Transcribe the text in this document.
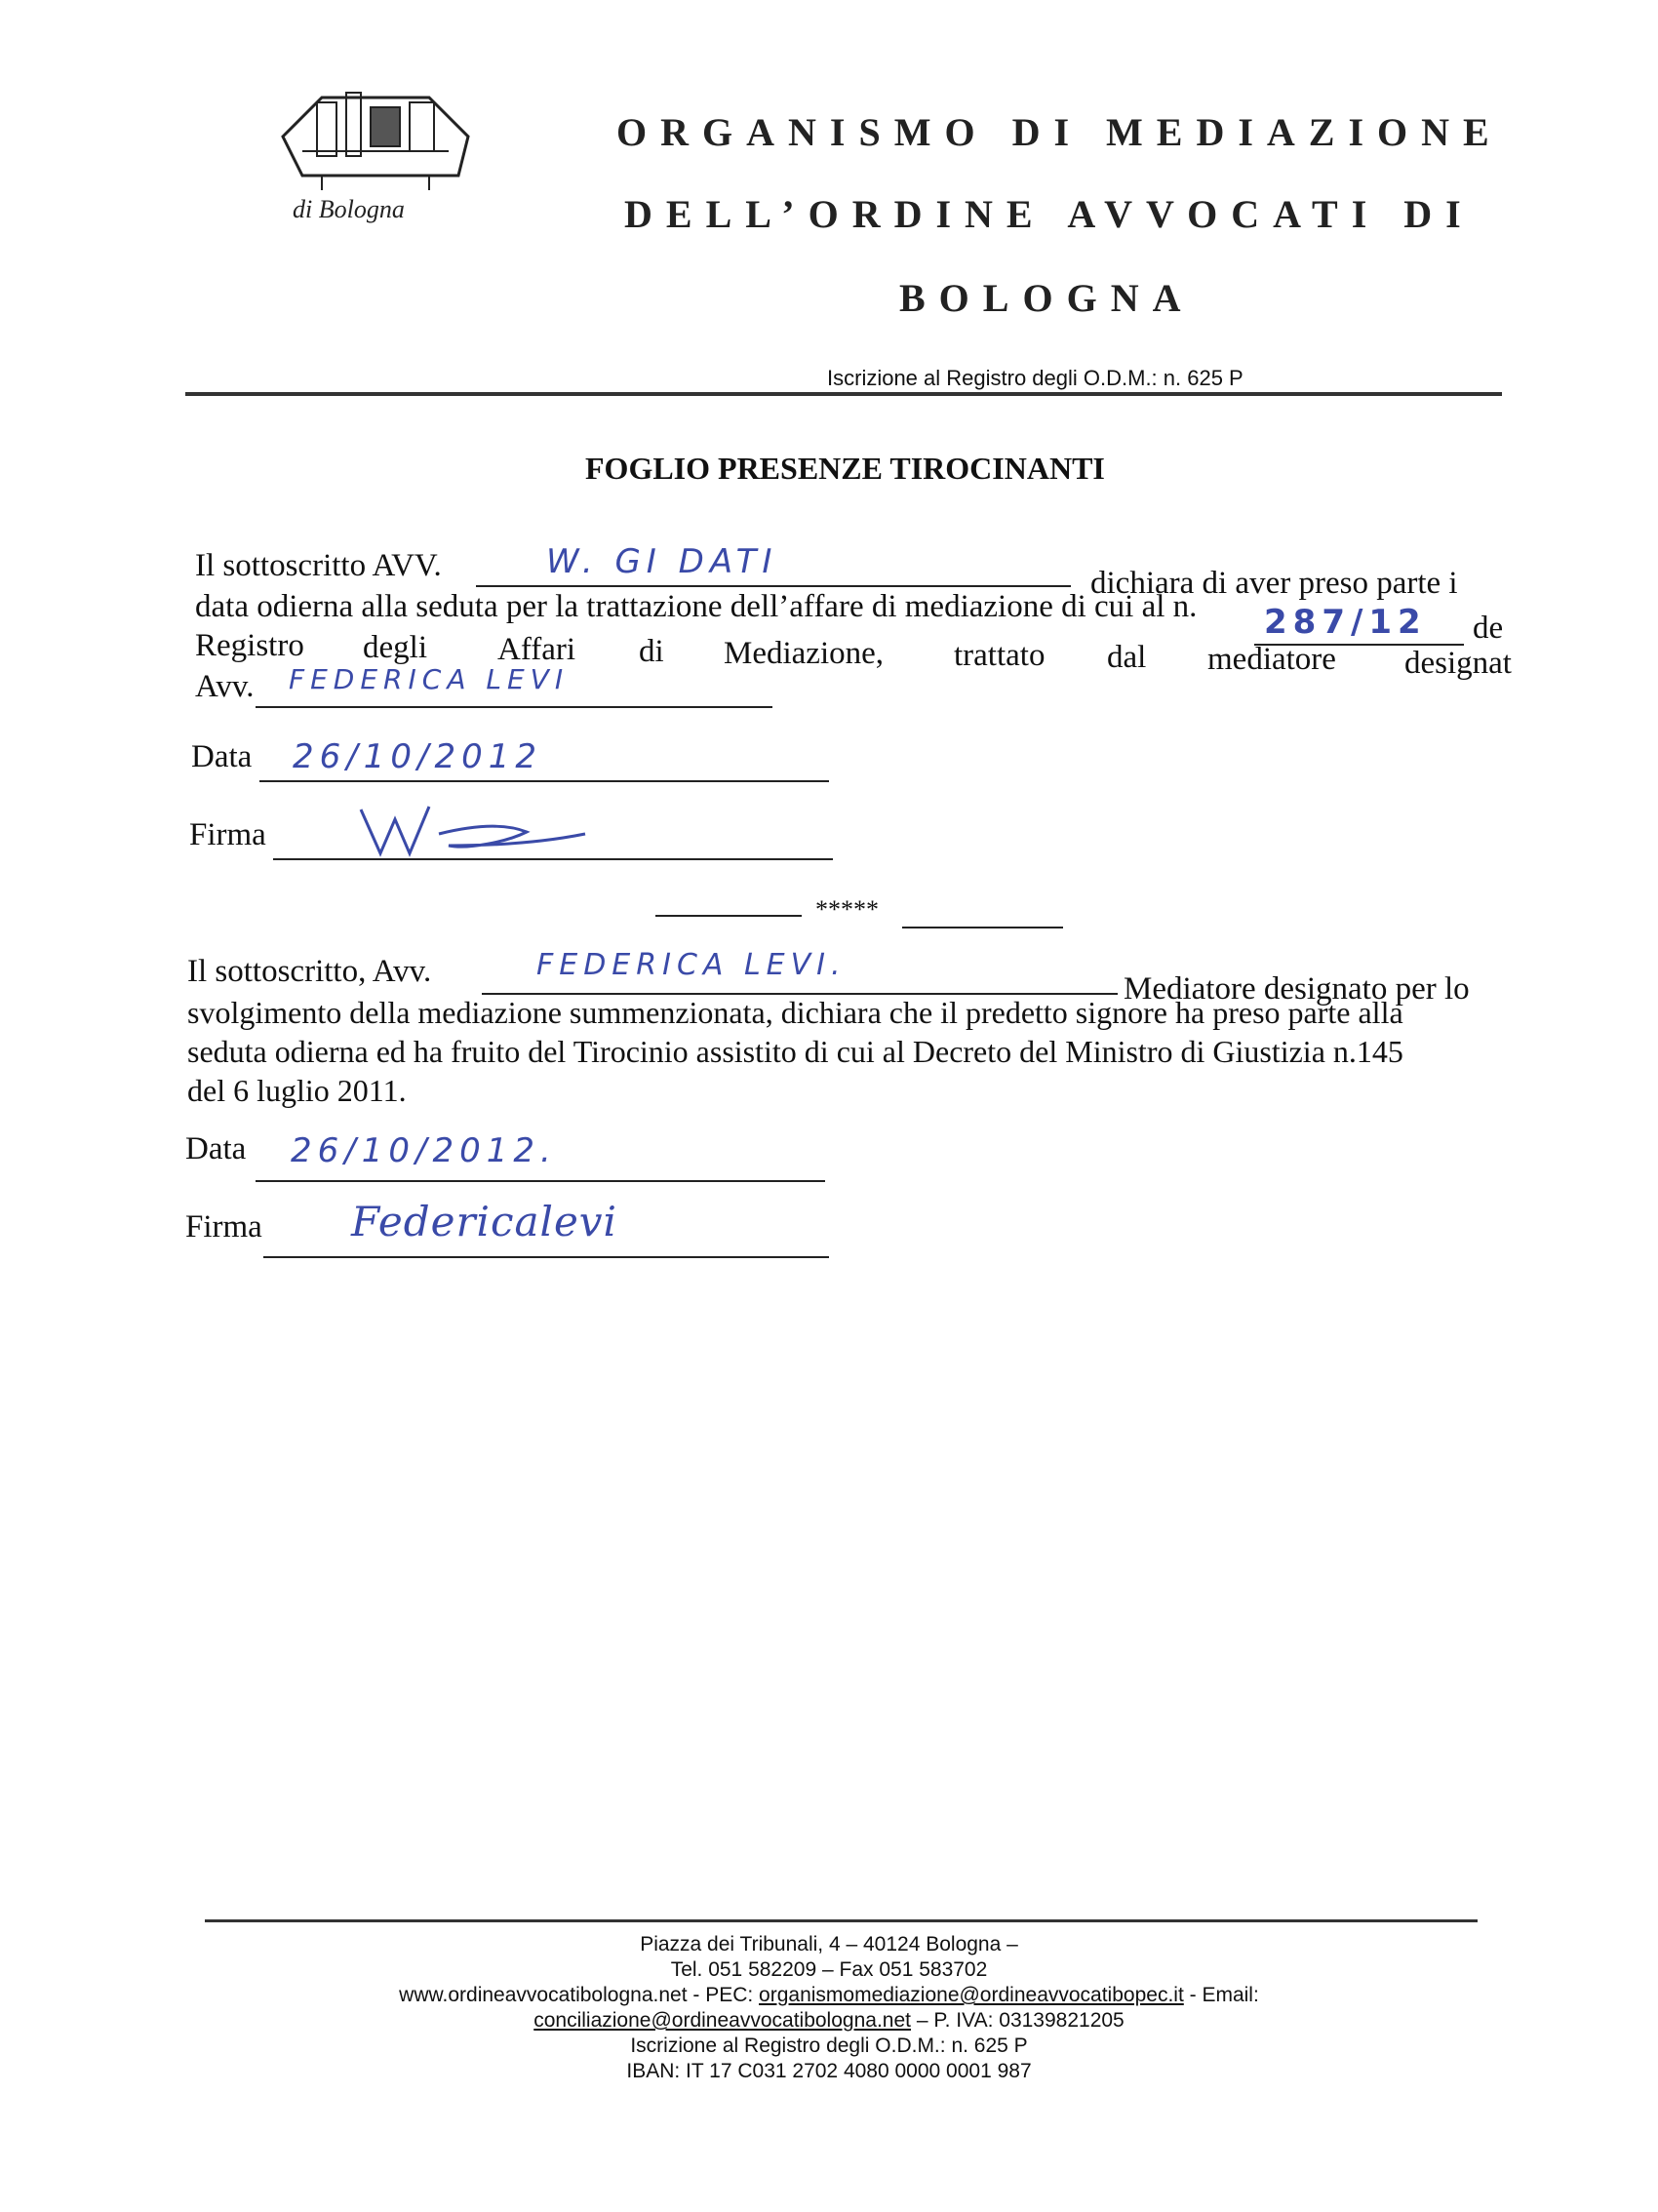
di Bologna
ORGANISMO DI MEDIAZIONE
DELL’ORDINE AVVOCATI DI
BOLOGNA
Iscrizione al Registro degli O.D.M.: n. 625 P
FOGLIO PRESENZE TIROCINANTI
Il sottoscritto AVV.	W. GI DATI
dichiara di aver preso parte i
data odierna alla seduta per la trattazione dell’affare di mediazione di cui al n. 287/12 de
Registro degli Affari di Mediazione, trattato dal mediatore designat
Avv. FEDERICA LEVI
Data 26/10/2012
Firma
*****
Il sottoscritto, Avv.	FEDERICA LEVI.
Mediatore designato per lo
svolgimento della mediazione summenzionata, dichiara che il predetto signore ha preso parte alla
seduta odierna ed ha fruito del Tirocinio assistito di cui al Decreto del Ministro di Giustizia n.145
del 6 luglio 2011.
Data 26/10/2012.
Firma Federicalevi
Piazza dei Tribunali, 4 – 40124 Bologna –
Tel. 051 582209 – Fax 051 583702
www.ordineavvocatibologna.net - PEC: organismomediazione@ordineavvocatibopec.it - Email:
conciliazione@ordineavvocatibologna.net – P. IVA: 03139821205
Iscrizione al Registro degli O.D.M.: n. 625 P
IBAN: IT 17 C031 2702 4080 0000 0001 987
